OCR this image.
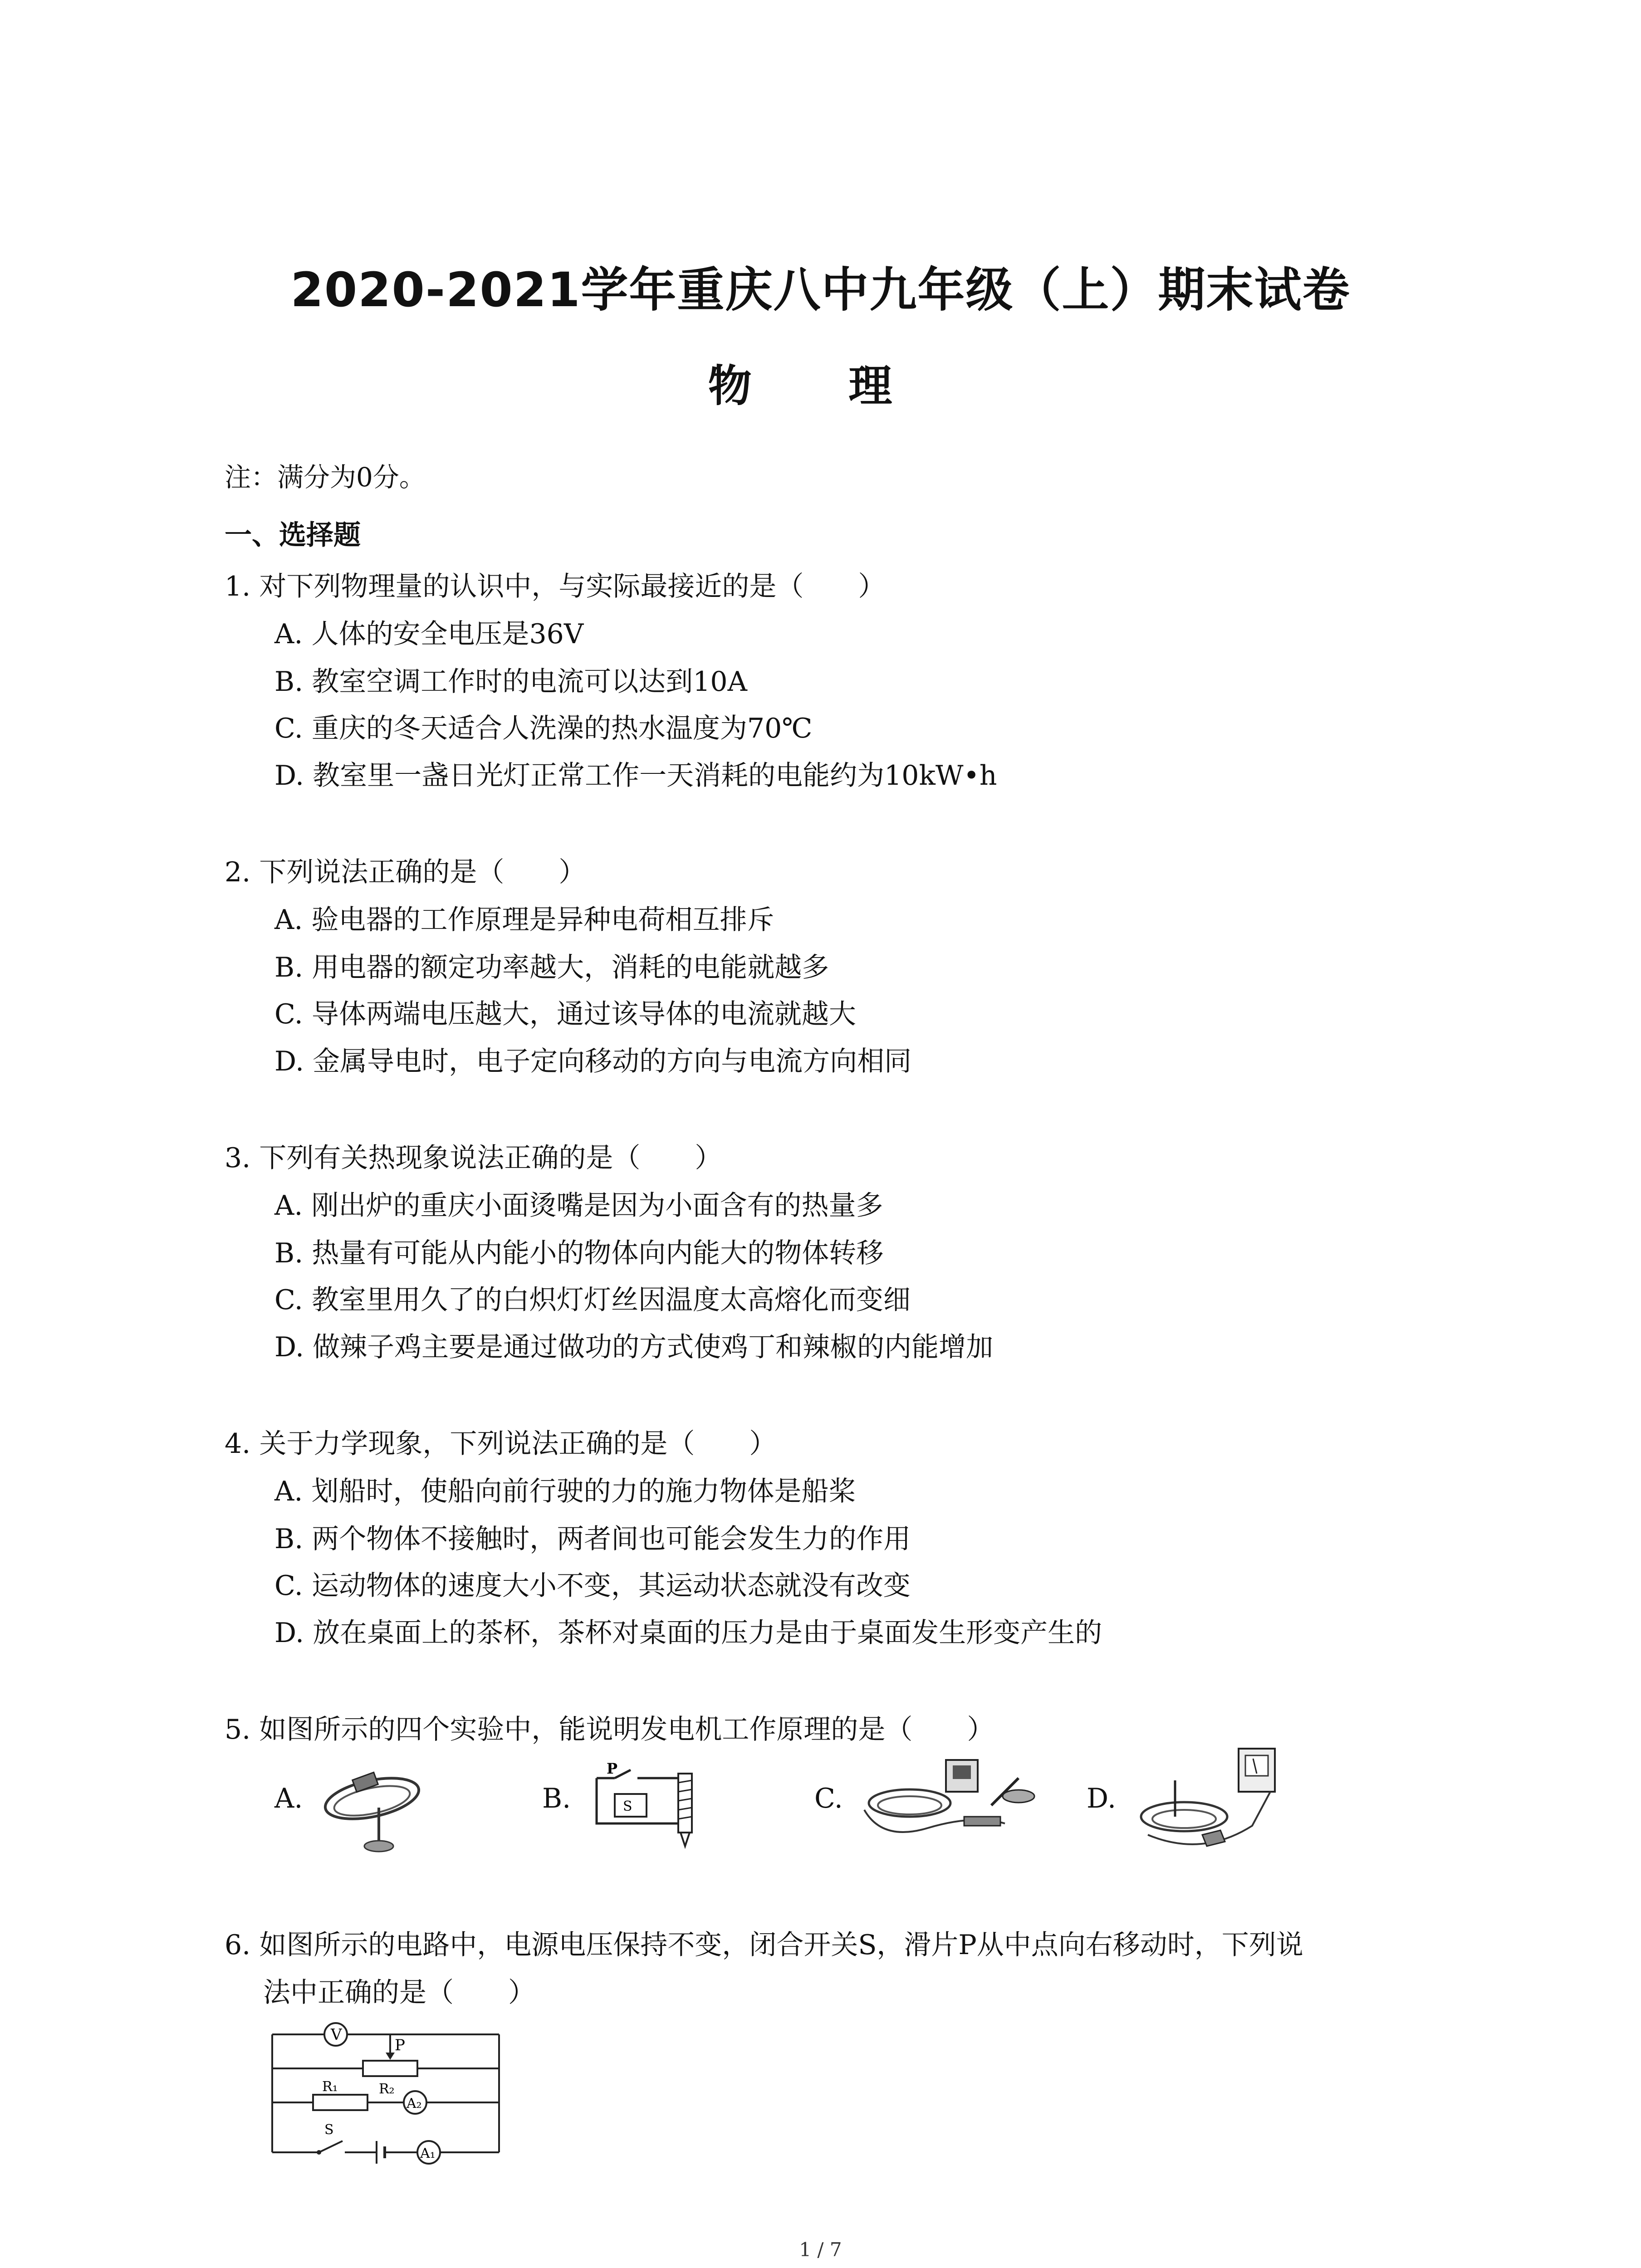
2020-2021学年重庆八中九年级（上）期末试卷
物 理
注：满分为0分。
一、选择题
1. 对下列物理量的认识中，与实际最接近的是（　　）
A. 人体的安全电压是36V
B. 教室空调工作时的电流可以达到10A
C. 重庆的冬天适合人洗澡的热水温度为70℃
D. 教室里一盏日光灯正常工作一天消耗的电能约为10kW•h
2. 下列说法正确的是（　　）
A. 验电器的工作原理是异种电荷相互排斥
B. 用电器的额定功率越大，消耗的电能就越多
C. 导体两端电压越大，通过该导体的电流就越大
D. 金属导电时，电子定向移动的方向与电流方向相同
3. 下列有关热现象说法正确的是（　　）
A. 刚出炉的重庆小面烫嘴是因为小面含有的热量多
B. 热量有可能从内能小的物体向内能大的物体转移
C. 教室里用久了的白炽灯灯丝因温度太高熔化而变细
D. 做辣子鸡主要是通过做功的方式使鸡丁和辣椒的内能增加
4. 关于力学现象，下列说法正确的是（　　）
A. 划船时，使船向前行驶的力的施力物体是船桨
B. 两个物体不接触时，两者间也可能会发生力的作用
C. 运动物体的速度大小不变，其运动状态就没有改变
D. 放在桌面上的茶杯，茶杯对桌面的压力是由于桌面发生形变产生的
5. 如图所示的四个实验中，能说明发电机工作原理的是（　　）
A.	B.
P
S	C.	D.
6. 如图所示的电路中，电源电压保持不变，闭合开关S，滑片P从中点向右移动时，下列说
法中正确的是（　　）
V
P
R₂
R₁
A₂
S
A₁
1 / 7
